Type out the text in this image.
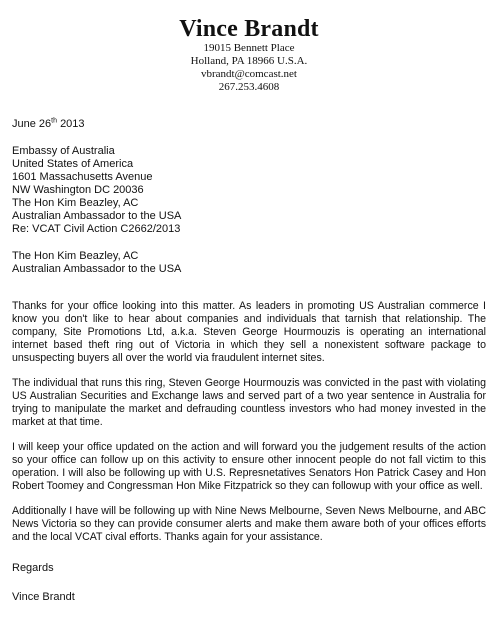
Vince Brandt
19015 Bennett Place
Holland, PA 18966 U.S.A.
vbrandt@comcast.net
267.253.4608
June 26th 2013
Embassy of Australia
United States of America
1601 Massachusetts Avenue
NW Washington DC 20036
The Hon Kim Beazley, AC
Australian Ambassador to the USA
Re: VCAT Civil Action C2662/2013
The Hon Kim Beazley, AC
Australian Ambassador to the USA

Thanks for your office looking into this matter. As leaders in promoting US Australian commerce I know you don't like to hear about companies and individuals that tarnish that relationship. The company, Site Promotions Ltd, a.k.a. Steven George Hourmouzis is operating an international internet based theft ring out of Victoria in which they sell a nonexistent software package to unsuspecting buyers all over the world via fraudulent internet sites.

The individual that runs this ring, Steven George Hourmouzis was convicted in the past with violating US Australian Securities and Exchange laws and served part of a two year sentence in Australia for trying to manipulate the market and defrauding countless investors who had money invested in the market at that time.

I will keep your office updated on the action and will forward you the judgement results of the action so your office can follow up on this activity to ensure other innocent people do not fall victim to this operation. I will also be following up with U.S. Represnetatives Senators Hon Patrick Casey and Hon Robert Toomey and Congressman Hon Mike Fitzpatrick so they can followup with your office as well.

Additionally I have will be following up with Nine News Melbourne, Seven News Melbourne, and ABC News Victoria so they can provide consumer alerts and make them aware both of your offices efforts and the local VCAT cival efforts. Thanks again for your assistance.

Regards
Vince Brandt
